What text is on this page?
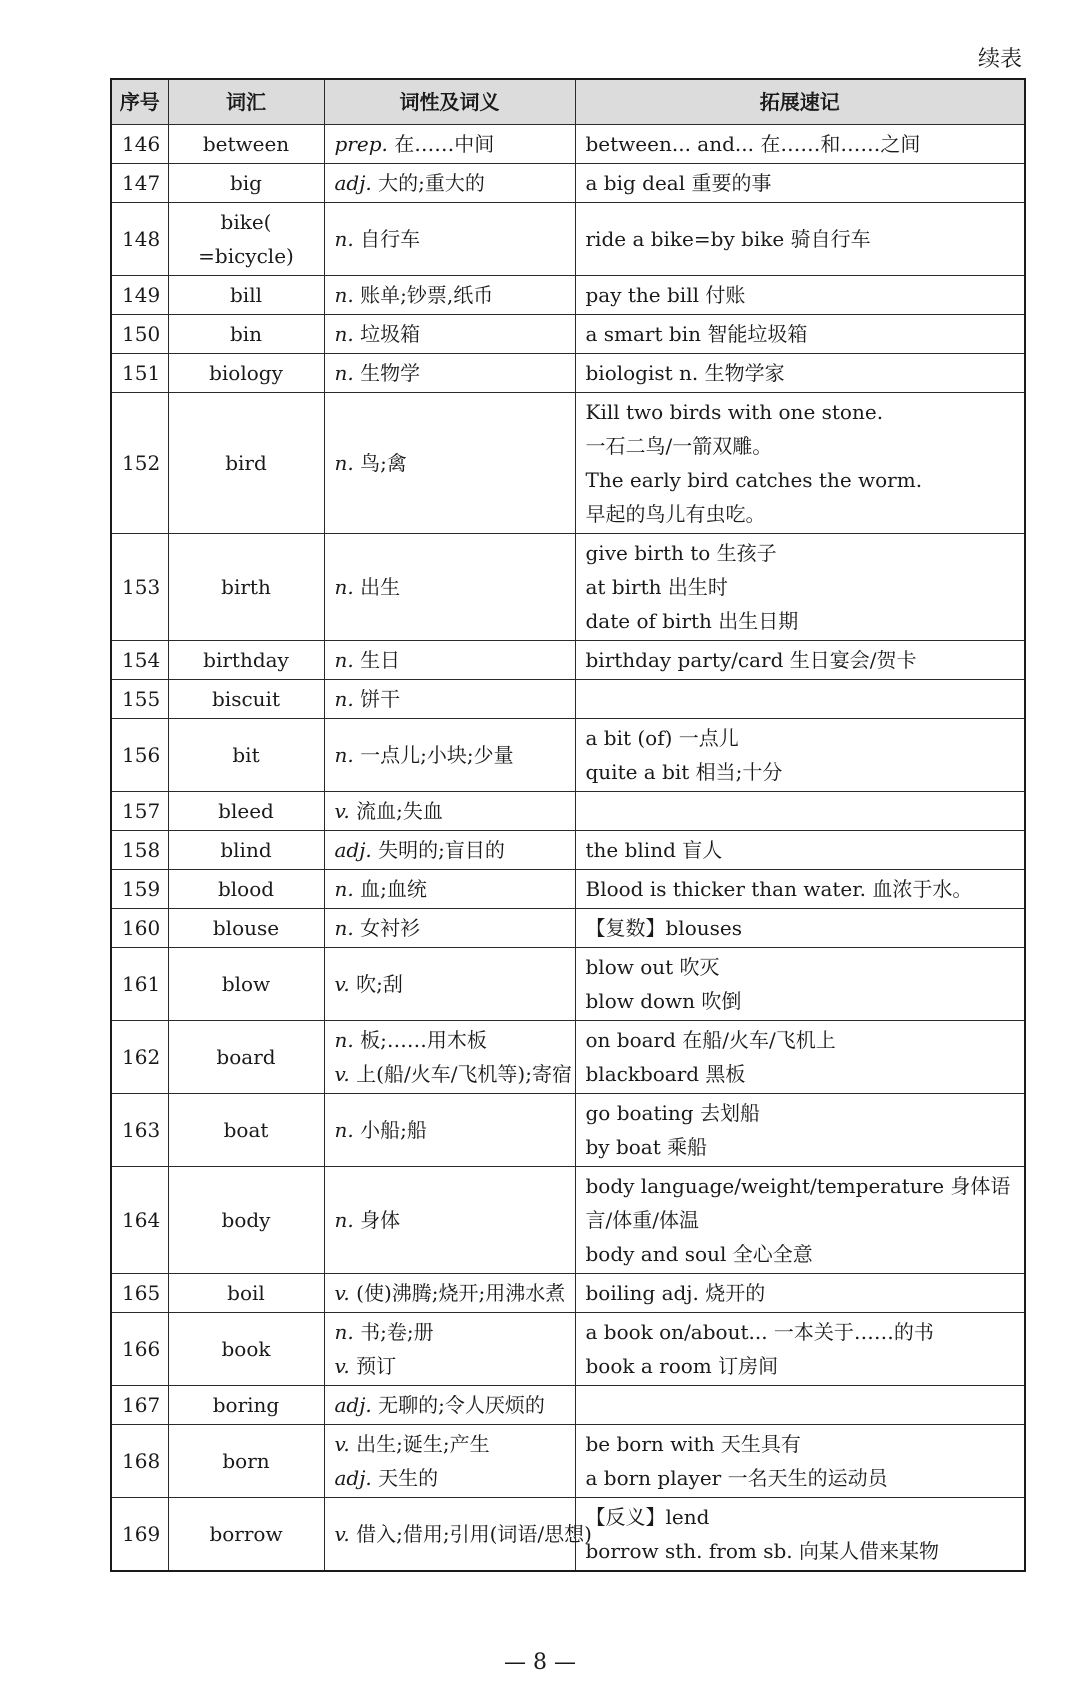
续表
序号	词汇	词性及词义	拓展速记
146	between	prep. 在……中间	between... and... 在……和……之间

147	big	adj. 大的;重大的	a big deal 重要的事

148	bike( =bicycle)	n. 自行车	ride a bike=by bike 骑自行车

149	bill	n. 账单;钞票,纸币	pay the bill 付账

150	bin	n. 垃圾箱	a smart bin 智能垃圾箱

151	biology	n. 生物学	biologist n. 生物学家

152	bird	n. 鸟;禽	Kill two birds with one stone.
一石二鸟/一箭双雕。
The early bird catches the worm.
早起的鸟儿有虫吃。

153	birth	n. 出生	give birth to 生孩子
at birth 出生时
date of birth 出生日期

154	birthday	n. 生日	birthday party/card 生日宴会/贺卡

155	biscuit	n. 饼干	

156	bit	n. 一点儿;小块;少量	a bit (of) 一点儿
quite a bit 相当;十分

157	bleed	v. 流血;失血	

158	blind	adj. 失明的;盲目的	the blind 盲人

159	blood	n. 血;血统	Blood is thicker than water. 血浓于水。

160	blouse	n. 女衬衫	【复数】blouses

161	blow	v. 吹;刮	blow out 吹灭
blow down 吹倒

162	board	n. 板;……用木板
v. 上(船/火车/飞机等);寄宿	on board 在船/火车/飞机上
blackboard 黑板

163	boat	n. 小船;船	go boating 去划船
by boat 乘船

164	body	n. 身体	body language/weight/temperature 身体语言/体重/体温
body and soul 全心全意

165	boil	v. (使)沸腾;烧开;用沸水煮	boiling adj. 烧开的

166	book	n. 书;卷;册
v. 预订	a book on/about... 一本关于……的书
book a room 订房间

167	boring	adj. 无聊的;令人厌烦的	

168	born	v. 出生;诞生;产生
adj. 天生的	be born with 天生具有
a born player 一名天生的运动员

169	borrow	v. 借入;借用;引用(词语/思想)	【反义】lend
borrow sth. from sb. 向某人借来某物
— 8 —
